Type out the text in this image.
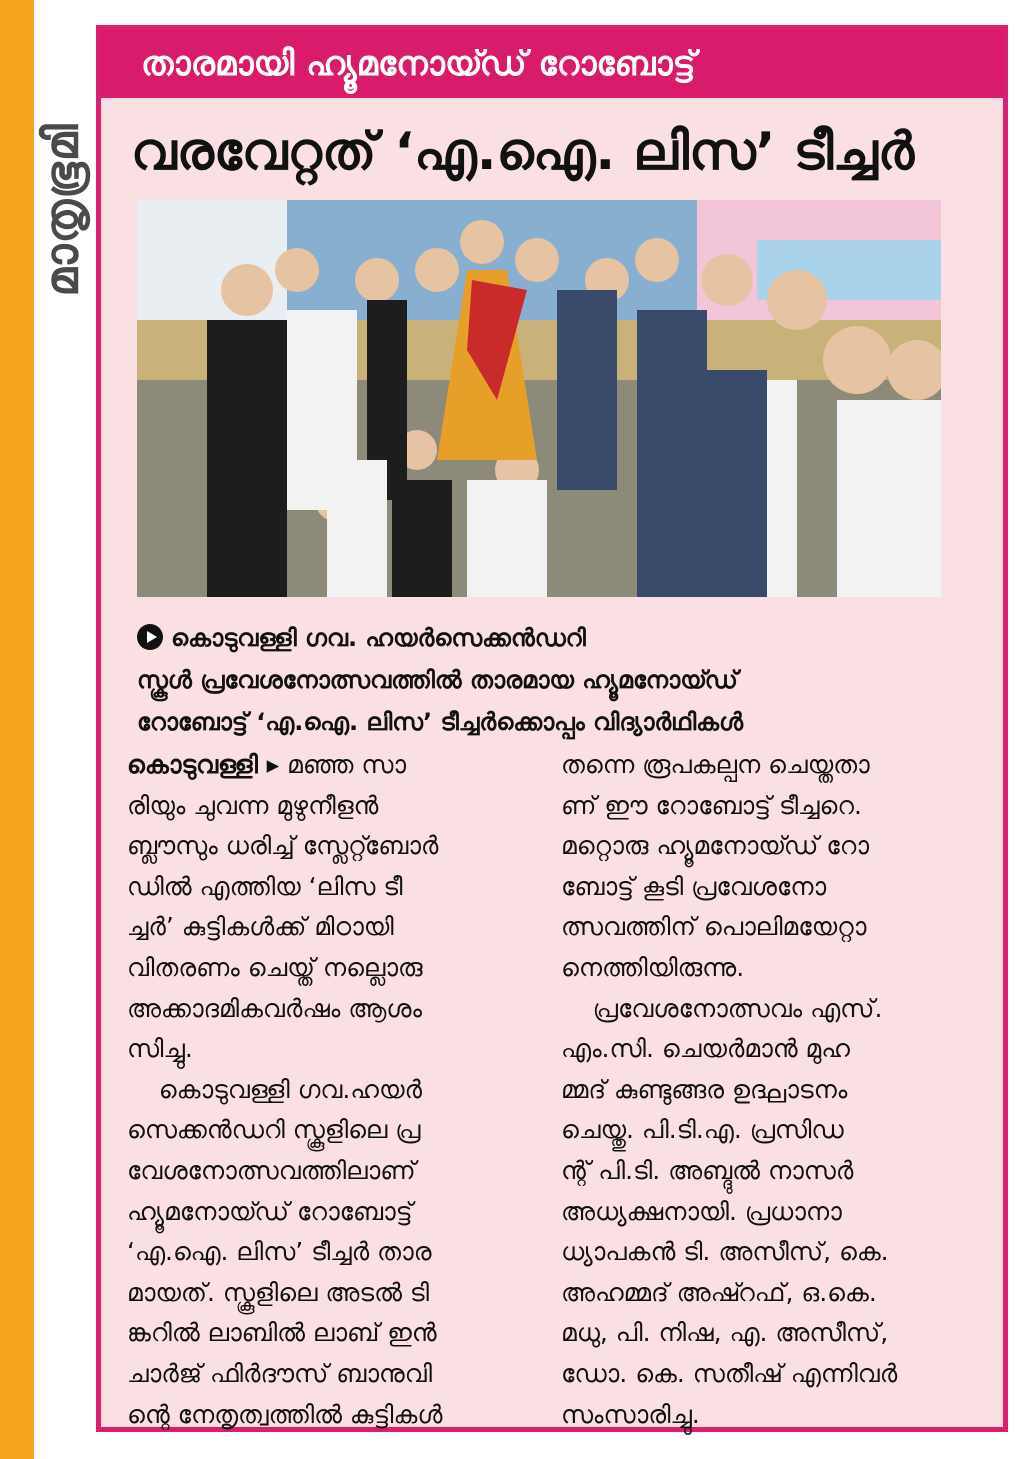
മാതൃഭൂമി
താരമായി ഹ്യൂമനോയ്ഡ് റോബോട്ട്
വരവേറ്റത് ‘എ.ഐ. ലിസ’ ടീച്ചർ
കൊടുവള്ളി ഗവ. ഹയർസെക്കൻഡറി
സ്കൂൾ പ്രവേശനോത്സവത്തിൽ താരമായ ഹ്യൂമനോയ്ഡ്
റോബോട്ട് ‘എ.ഐ. ലിസ’ ടീച്ചർക്കൊപ്പം വിദ്യാർഥികൾ
കൊടുവള്ളി ▸ മഞ്ഞ സാ
രിയും ചുവന്ന മുഴുനീളൻ
ബ്ലൗസും ധരിച്ച് സ്ലേറ്റ്ബോർ
ഡിൽ എത്തിയ ‘ലിസ ടീ
ച്ചർ’ കുട്ടികൾക്ക് മിഠായി
വിതരണം ചെയ്ത് നല്ലൊരു
അക്കാദമികവർഷം ആശം
സിച്ചു.
കൊടുവള്ളി ഗവ.ഹയർ
സെക്കൻഡറി സ്കൂളിലെ പ്ര
വേശനോത്സവത്തിലാണ്
ഹ്യൂമനോയ്ഡ് റോബോട്ട്
‘എ.ഐ. ലിസ’ ടീച്ചർ താര
മായത്. സ്കൂളിലെ അടൽ ടി
ങ്കറിൽ ലാബിൽ ലാബ് ഇൻ
ചാർജ് ഫിർദൗസ് ബാനുവി
ന്റെ നേതൃത്വത്തിൽ കുട്ടികൾ
തന്നെ രൂപകല്പന ചെയ്തതാ
ണ് ഈ റോബോട്ട് ടീച്ചറെ.
മറ്റൊരു ഹ്യൂമനോയ്ഡ് റോ
ബോട്ട് കൂടി പ്രവേശനോ
ത്സവത്തിന് പൊലിമയേറ്റാ
നെത്തിയിരുന്നു.
പ്രവേശനോത്സവം എസ്.
എം.സി. ചെയർമാൻ മുഹ
മ്മദ് കുണ്ടുങ്ങര ഉദ്ഘാടനം
ചെയ്തു. പി.ടി.എ. പ്രസിഡ
ന്റ് പി.ടി. അബ്ദുൽ നാസർ
അധ്യക്ഷനായി. പ്രധാനാ
ധ്യാപകൻ ടി. അസീസ്, കെ.
അഹമ്മദ് അഷ്റഫ്, ഒ.കെ.
മധു, പി. നിഷ, എ. അസീസ്,
ഡോ. കെ. സതീഷ് എന്നിവർ
സംസാരിച്ചു.
